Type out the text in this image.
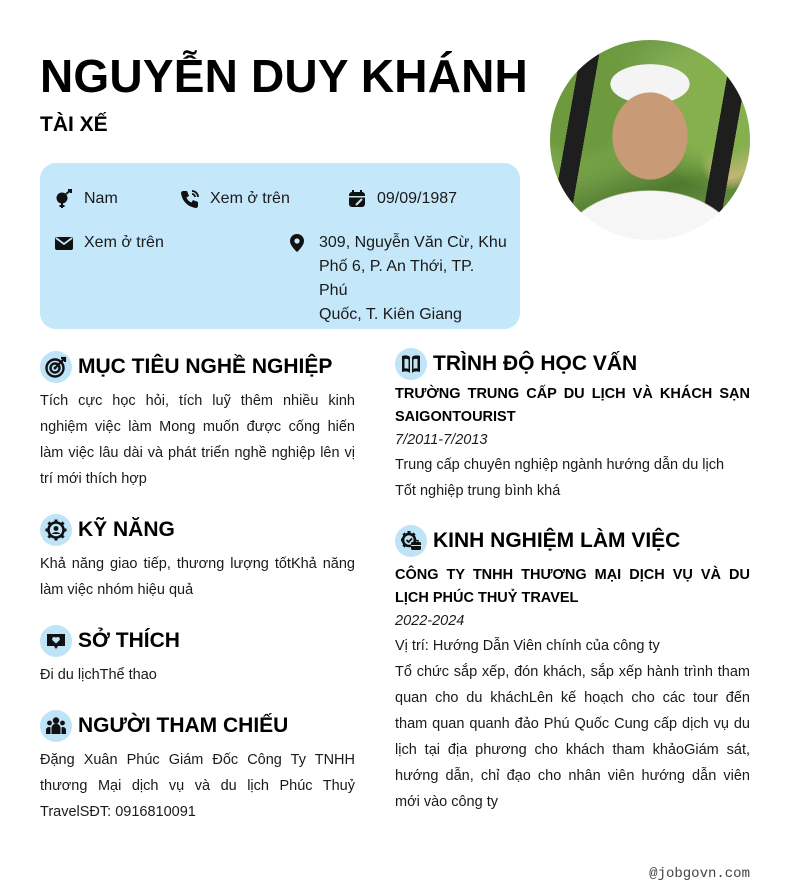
NGUYỄN DUY KHÁNH
TÀI XẾ
Nam	Xem ở trên	09/09/1987
Xem ở trên	309, Nguyễn Văn Cừ, Khu
Phố 6, P. An Thới, TP. Phú
Quốc, T. Kiên Giang
MỤC TIÊU NGHỀ NGHIỆP
Tích cực học hỏi, tích luỹ thêm nhiều kinh nghiệm việc làm Mong muốn được cống hiến làm việc lâu dài và phát triển nghề nghiệp lên vị trí mới thích hợp
KỸ NĂNG
Khả năng giao tiếp, thương lượng tốtKhả năng làm việc nhóm hiệu quả
SỞ THÍCH
Đi du lịchThể thao
NGƯỜI THAM CHIẾU
Đặng Xuân Phúc Giám Đốc Công Ty TNHH thương Mại dịch vụ và du lịch Phúc Thuỷ TravelSĐT: 0916810091
TRÌNH ĐỘ HỌC VẤN
TRƯỜNG TRUNG CẤP DU LỊCH VÀ KHÁCH SẠN SAIGONTOURIST
7/2011-7/2013
Trung cấp chuyên nghiệp ngành hướng dẫn du lịch
Tốt nghiệp trung bình khá
KINH NGHIỆM LÀM VIỆC
CÔNG TY TNHH THƯƠNG MẠI DỊCH VỤ VÀ DU LỊCH PHÚC THUỶ TRAVEL
2022-2024
Vị trí: Hướng Dẫn Viên chính của công ty
Tổ chức sắp xếp, đón khách, sắp xếp hành trình tham quan cho du kháchLên kế hoạch cho các tour đến tham quan quanh đảo Phú Quốc Cung cấp dịch vụ du lịch tại địa phương cho khách tham khảoGiám sát, hướng dẫn, chỉ đạo cho nhân viên hướng dẫn viên mới vào công ty
@jobgovn.com
